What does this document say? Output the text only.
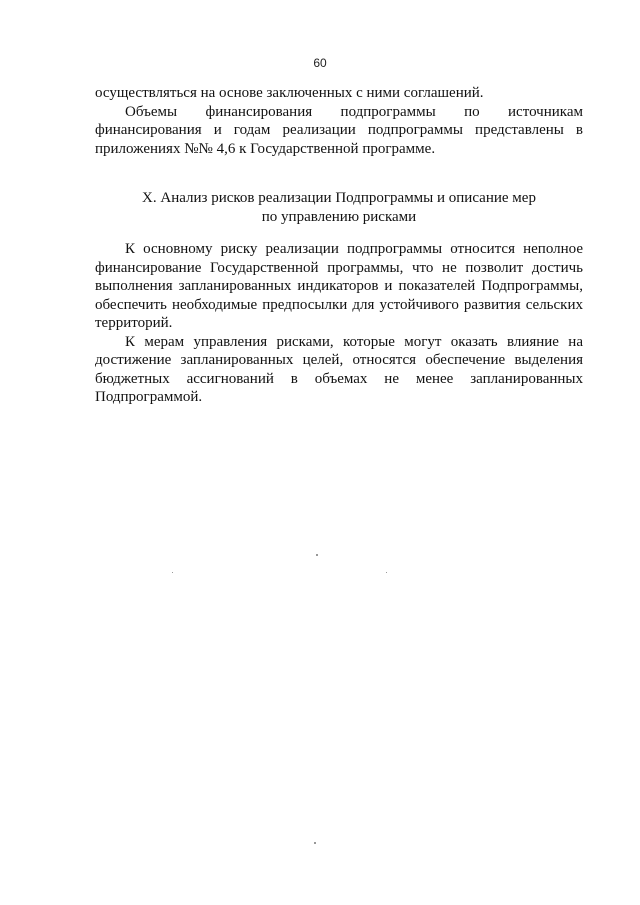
60

осуществляться на основе заключенных с ними соглашений.

Объемы финансирования подпрограммы по источникам финансирования и годам реализации подпрограммы представлены в приложениях №№ 4,6 к Государственной программе.

X. Анализ рисков реализации Подпрограммы и описание мер
по управлению рисками

К основному риску реализации подпрограммы относится неполное финансирование Государственной программы, что не позволит достичь выполнения запланированных индикаторов и показателей Подпрограммы, обеспечить необходимые предпосылки для устойчивого развития сельских территорий.

К мерам управления рисками, которые могут оказать влияние на достижение запланированных целей, относятся обеспечение выделения бюджетных ассигнований в объемах не менее запланированных Подпрограммой.
